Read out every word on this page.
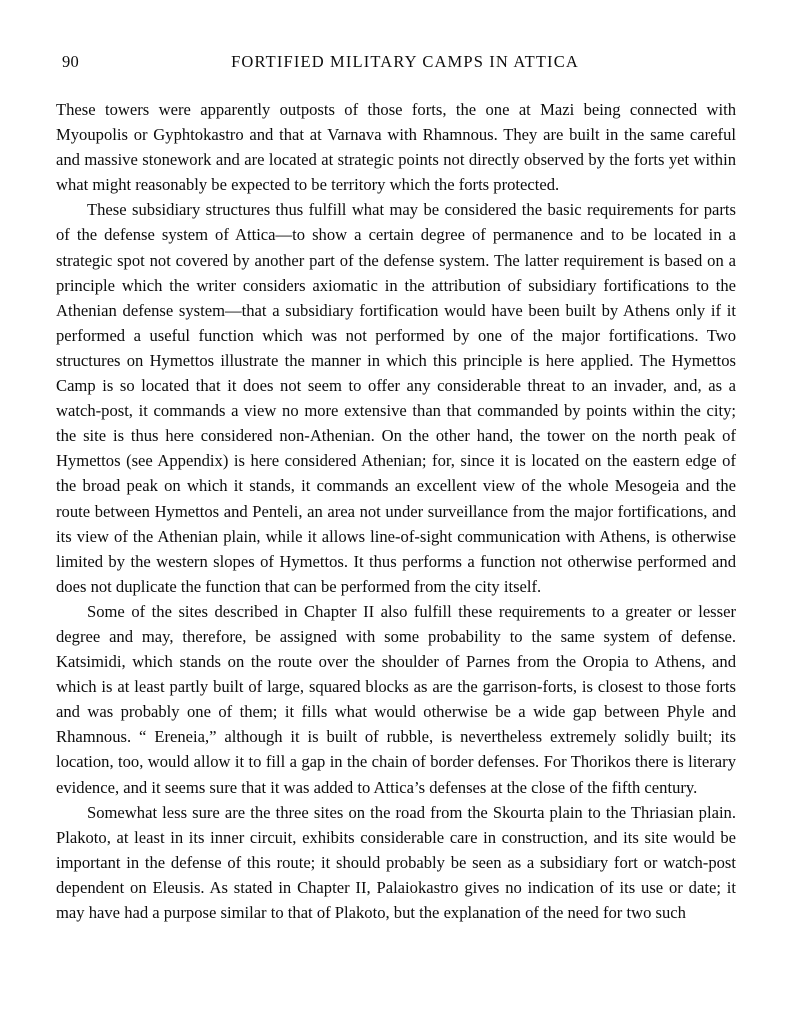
90	FORTIFIED MILITARY CAMPS IN ATTICA

These towers were apparently outposts of those forts, the one at Mazi being connected with Myoupolis or Gyphtokastro and that at Varnava with Rhamnous. They are built in the same careful and massive stonework and are located at strategic points not directly observed by the forts yet within what might reasonably be expected to be territory which the forts protected.

These subsidiary structures thus fulfill what may be considered the basic requirements for parts of the defense system of Attica—to show a certain degree of permanence and to be located in a strategic spot not covered by another part of the defense system. The latter requirement is based on a principle which the writer considers axiomatic in the attribution of subsidiary fortifications to the Athenian defense system—that a subsidiary fortification would have been built by Athens only if it performed a useful function which was not performed by one of the major fortifications. Two structures on Hymettos illustrate the manner in which this principle is here applied. The Hymettos Camp is so located that it does not seem to offer any considerable threat to an invader, and, as a watch-post, it commands a view no more extensive than that commanded by points within the city; the site is thus here considered non-Athenian. On the other hand, the tower on the north peak of Hymettos (see Appendix) is here considered Athenian; for, since it is located on the eastern edge of the broad peak on which it stands, it commands an excellent view of the whole Mesogeia and the route between Hymettos and Penteli, an area not under surveillance from the major fortifications, and its view of the Athenian plain, while it allows line-of-sight communication with Athens, is otherwise limited by the western slopes of Hymettos. It thus performs a function not otherwise performed and does not duplicate the function that can be performed from the city itself.

Some of the sites described in Chapter II also fulfill these requirements to a greater or lesser degree and may, therefore, be assigned with some probability to the same system of defense. Katsimidi, which stands on the route over the shoulder of Parnes from the Oropia to Athens, and which is at least partly built of large, squared blocks as are the garrison-forts, is closest to those forts and was probably one of them; it fills what would otherwise be a wide gap between Phyle and Rhamnous. “ Ereneia,” although it is built of rubble, is nevertheless extremely solidly built; its location, too, would allow it to fill a gap in the chain of border defenses. For Thorikos there is literary evidence, and it seems sure that it was added to Attica’s defenses at the close of the fifth century.

Somewhat less sure are the three sites on the road from the Skourta plain to the Thriasian plain. Plakoto, at least in its inner circuit, exhibits considerable care in construction, and its site would be important in the defense of this route; it should probably be seen as a subsidiary fort or watch-post dependent on Eleusis. As stated in Chapter II, Palaiokastro gives no indication of its use or date; it may have had a purpose similar to that of Plakoto, but the explanation of the need for two such
